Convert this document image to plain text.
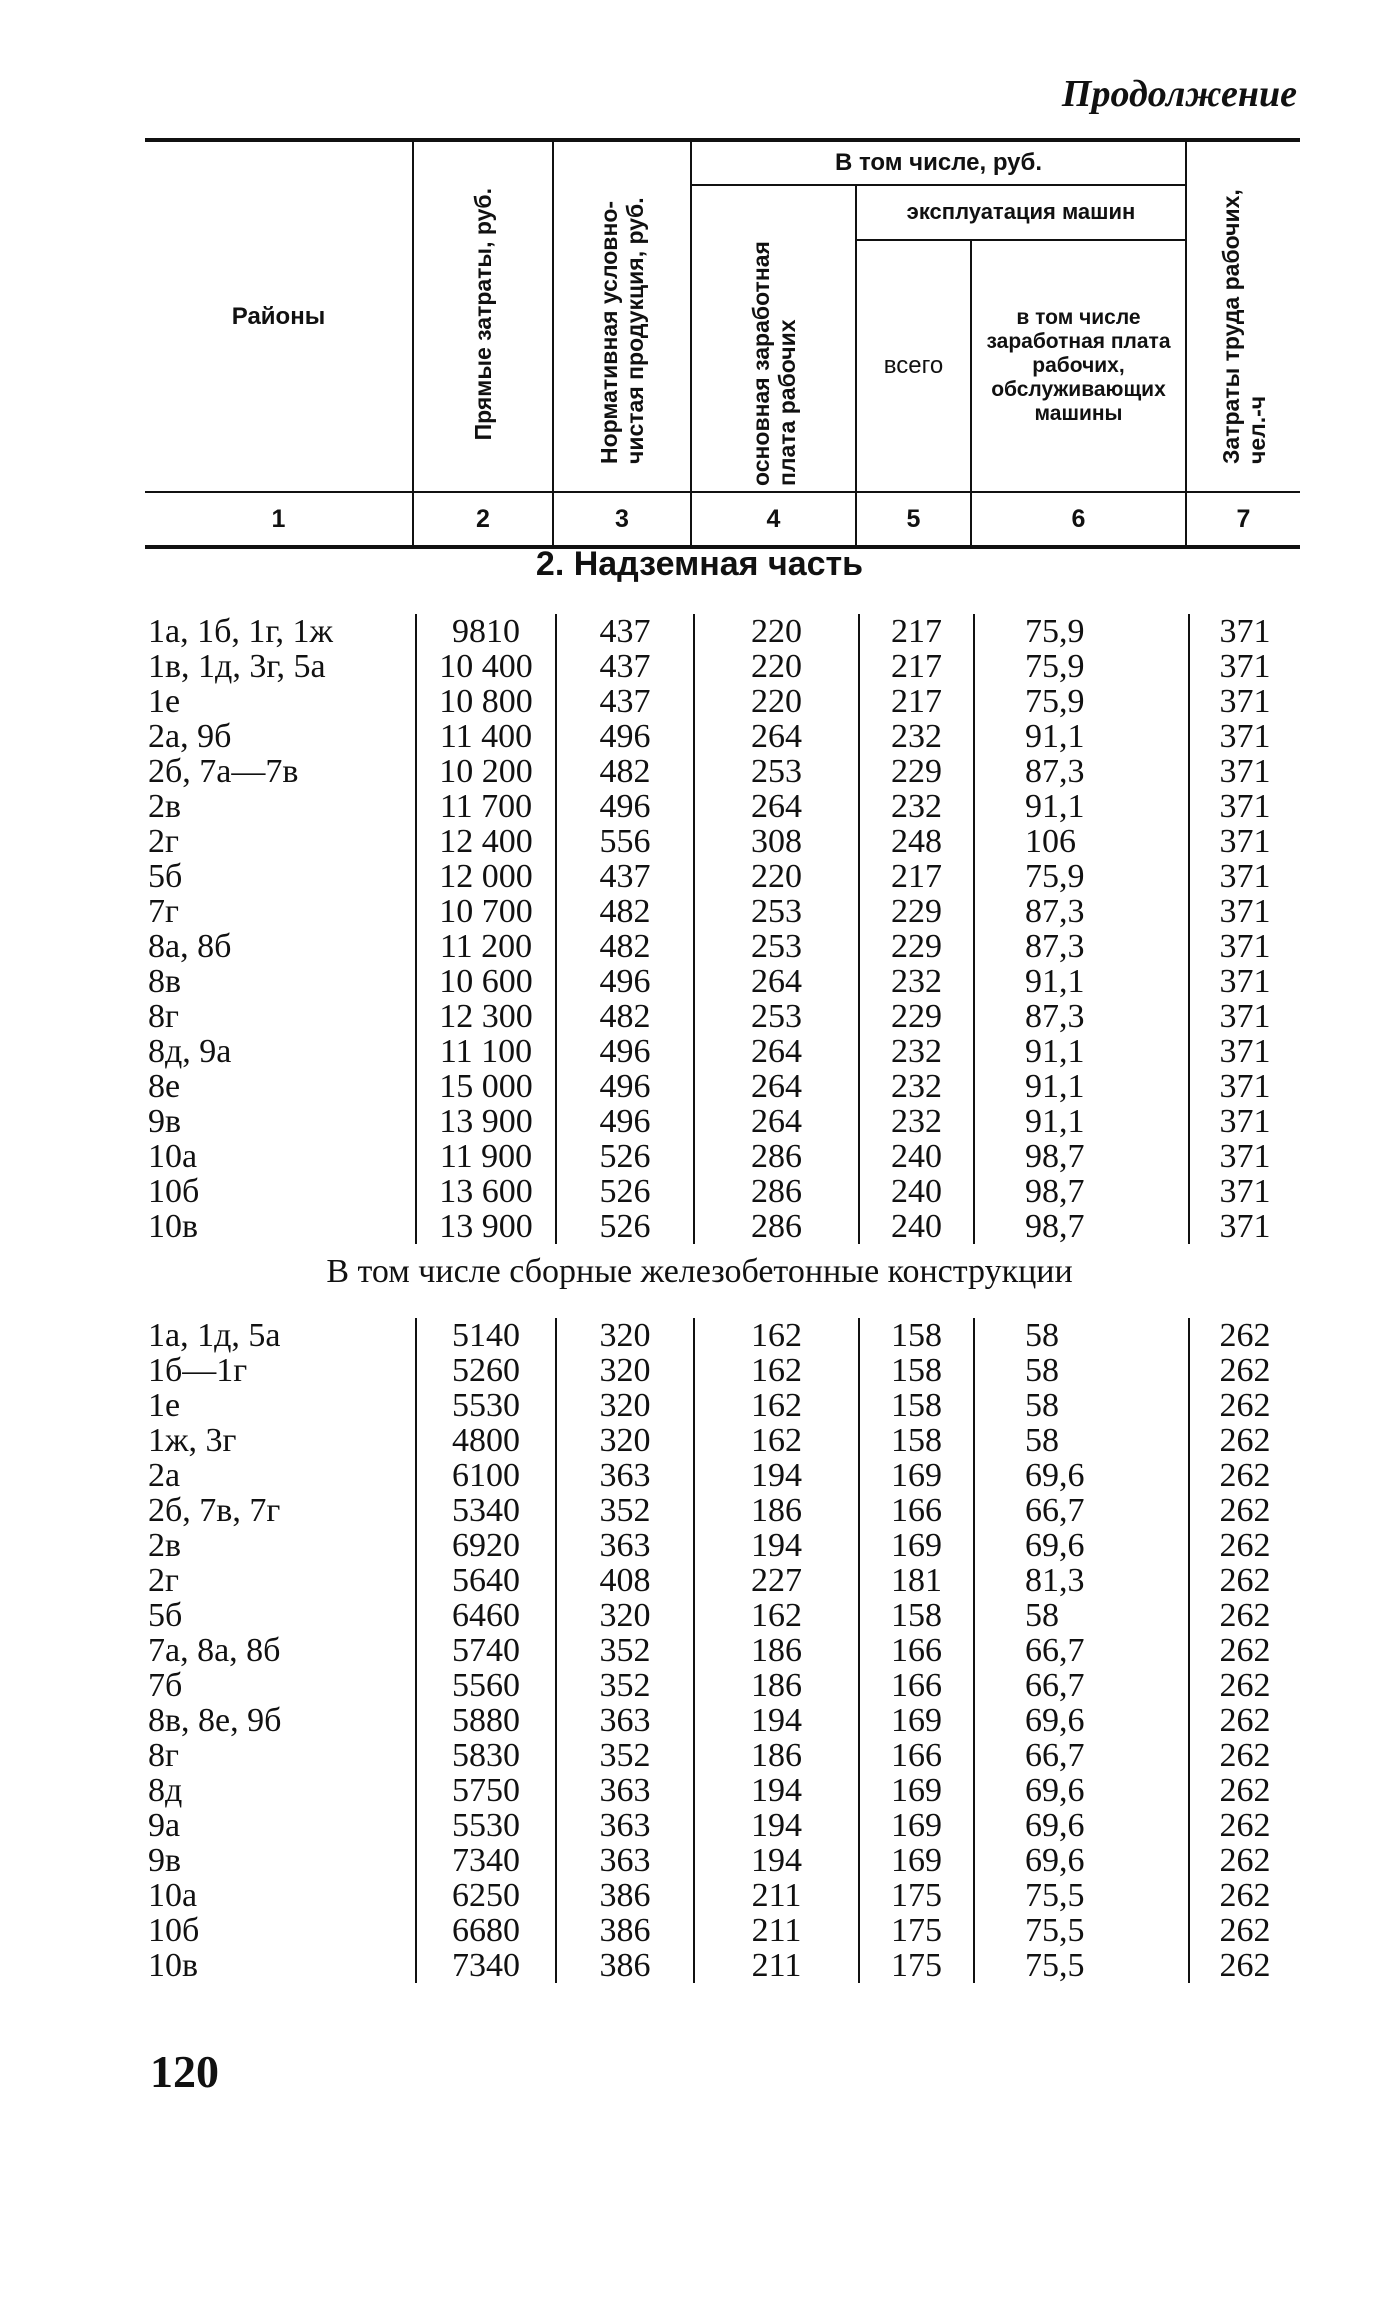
Продолжение
Районы	Прямые затраты, руб.	Нормативная условно-чистая продукция, руб.	В том числе, руб.			Затраты труда рабочих, чел.-ч
			основная заработная плата рабочих	эксплуатация машин		
				всего	в том числе заработная плата рабочих, обслуживающих машины	

1	2	3	4	5	6	7
2. Надземная часть
1а, 1б, 1г, 1ж	9810	437	220	217	75,9	371
1в, 1д, 3г, 5а	10 400	437	220	217	75,9	371
1е	10 800	437	220	217	75,9	371
2а, 9б	11 400	496	264	232	91,1	371
2б, 7а—7в	10 200	482	253	229	87,3	371
2в	11 700	496	264	232	91,1	371
2г	12 400	556	308	248	106	371
5б	12 000	437	220	217	75,9	371
7г	10 700	482	253	229	87,3	371
8а, 8б	11 200	482	253	229	87,3	371
8в	10 600	496	264	232	91,1	371
8г	12 300	482	253	229	87,3	371
8д, 9а	11 100	496	264	232	91,1	371
8е	15 000	496	264	232	91,1	371
9в	13 900	496	264	232	91,1	371
10а	11 900	526	286	240	98,7	371
10б	13 600	526	286	240	98,7	371
10в	13 900	526	286	240	98,7	371
В том числе сборные железобетонные конструкции
1а, 1д, 5а	5140	320	162	158	58	262
1б—1г	5260	320	162	158	58	262
1е	5530	320	162	158	58	262
1ж, 3г	4800	320	162	158	58	262
2а	6100	363	194	169	69,6	262
2б, 7в, 7г	5340	352	186	166	66,7	262
2в	6920	363	194	169	69,6	262
2г	5640	408	227	181	81,3	262
5б	6460	320	162	158	58	262
7а, 8а, 8б	5740	352	186	166	66,7	262
7б	5560	352	186	166	66,7	262
8в, 8е, 9б	5880	363	194	169	69,6	262
8г	5830	352	186	166	66,7	262
8д	5750	363	194	169	69,6	262
9а	5530	363	194	169	69,6	262
9в	7340	363	194	169	69,6	262
10а	6250	386	211	175	75,5	262
10б	6680	386	211	175	75,5	262
10в	7340	386	211	175	75,5	262
120
